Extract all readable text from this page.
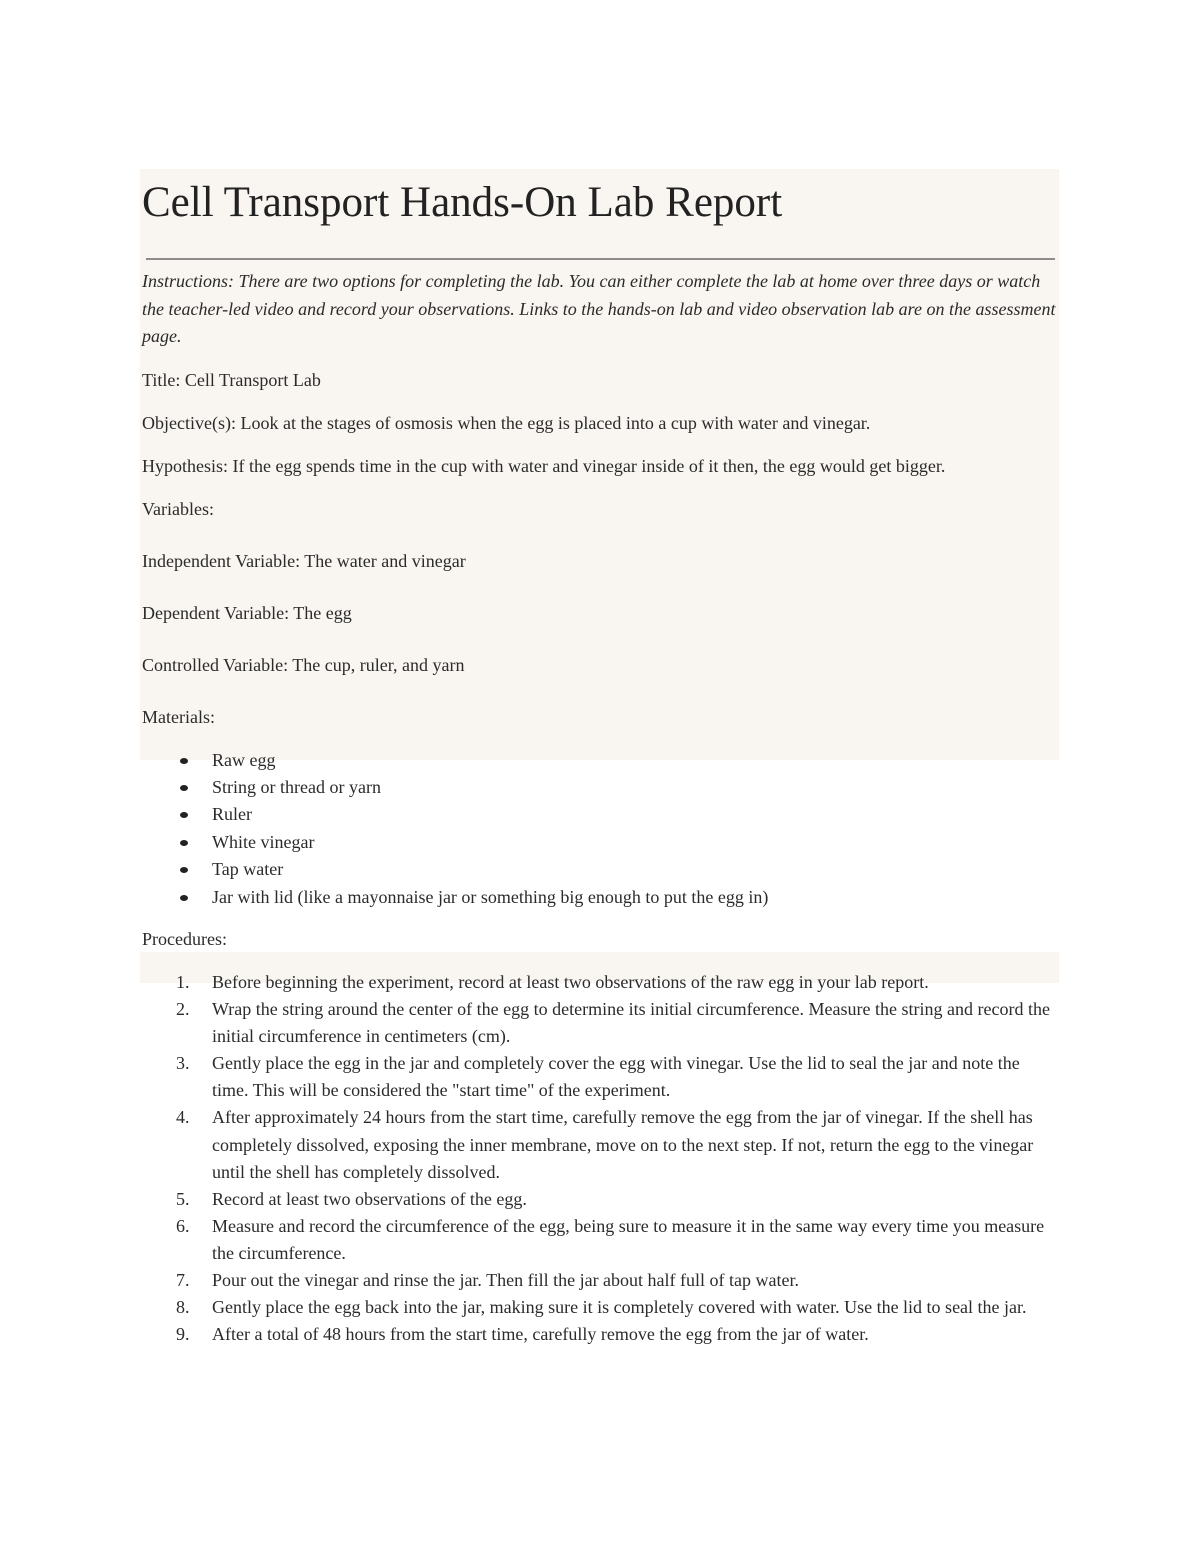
Cell Transport Hands-On Lab Report

Instructions: There are two options for completing the lab. You can either complete the lab at home over three days or watch the teacher-led video and record your observations. Links to the hands-on lab and video observation lab are on the assessment page.

Title: Cell Transport Lab

Objective(s): Look at the stages of osmosis when the egg is placed into a cup with water and vinegar.

Hypothesis: If the egg spends time in the cup with water and vinegar inside of it then, the egg would get bigger.

Variables:

Independent Variable: The water and vinegar

Dependent Variable: The egg

Controlled Variable: The cup, ruler, and yarn

Materials:

Raw egg
String or thread or yarn
Ruler
White vinegar
Tap water
Jar with lid (like a mayonnaise jar or something big enough to put the egg in)

Procedures:

1. Before beginning the experiment, record at least two observations of the raw egg in your lab report.
2. Wrap the string around the center of the egg to determine its initial circumference. Measure the string and record the initial circumference in centimeters (cm).
3. Gently place the egg in the jar and completely cover the egg with vinegar. Use the lid to seal the jar and note the time. This will be considered the "start time" of the experiment.
4. After approximately 24 hours from the start time, carefully remove the egg from the jar of vinegar. If the shell has completely dissolved, exposing the inner membrane, move on to the next step. If not, return the egg to the vinegar until the shell has completely dissolved.
5. Record at least two observations of the egg.
6. Measure and record the circumference of the egg, being sure to measure it in the same way every time you measure the circumference.
7. Pour out the vinegar and rinse the jar. Then fill the jar about half full of tap water.
8. Gently place the egg back into the jar, making sure it is completely covered with water. Use the lid to seal the jar.
9. After a total of 48 hours from the start time, carefully remove the egg from the jar of water.
